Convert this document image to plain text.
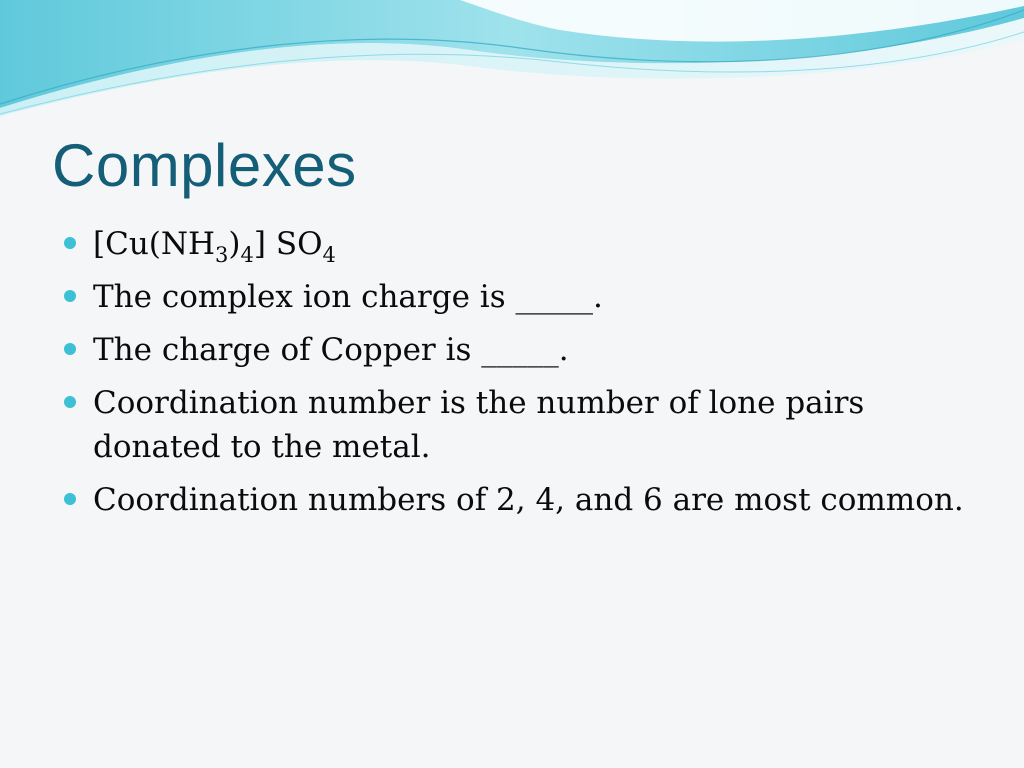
Complexes
$[Cu(NH_3)_4]$ $SO_4$
The complex ion charge is _____.
The charge of Copper is _____.
Coordination number is the number of lone pairs donated to the metal.
Coordination numbers of 2, 4, and 6 are most common.
